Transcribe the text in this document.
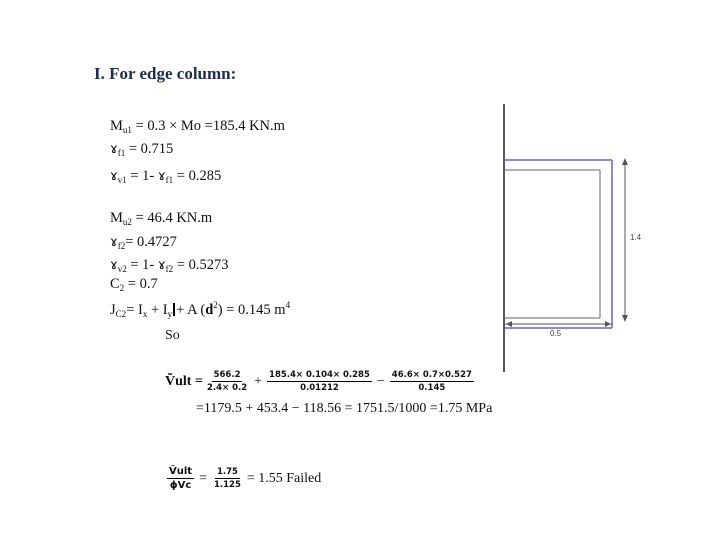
I. For edge column:
$M_{u1} = 0.3 \times Mo =185.4$ KN.m
ɤ$_{f1}$ = 0.715
ɤ$_{v1}$ = 1- ɤ$_{f1}$ = 0.285
$M_{u2} = 46.4$ KN.m
ɤ$_{f2}$= 0.4727
ɤ$_{v2}$ = 1- ɤ$_{f2}$ = 0.5273
$C_2 = 0.7$
$J_{C2}= I_x + I_y + A$ $(d^2) = 0.145$ $m^4$
So
Ṽult = $\frac{566.2}{2.4\times 0.2} + \frac{185.4\times 0.104\times 0.285}{0.01212} - \frac{46.6\times 0.7\times 0.527}{0.145}$
=1179.5 + 453.4 − 118.56 = 1751.5/1000 =1.75 MPa
$\frac{\text{Ṽult}}{\text{ϕVc}} = \frac{1.75}{1.125} = 1.55$ Failed
1.4
0.5
